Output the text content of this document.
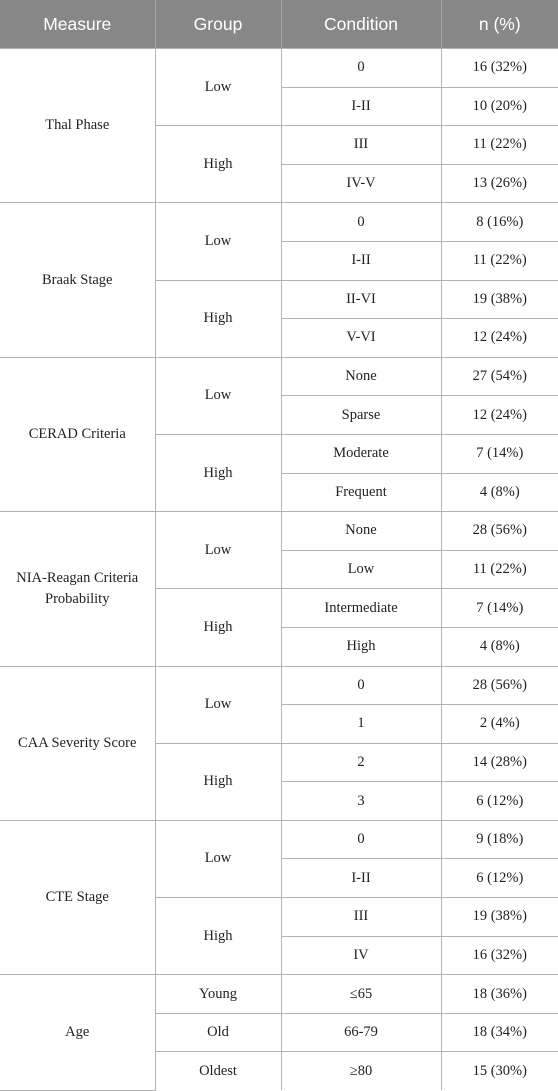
Measure	Group	Condition	n (%)
Thal Phase	Low	0	16 (32%)
		I-II	10 (20%)
	High	III	11 (22%)
		IV-V	13 (26%)
Braak Stage	Low	0	8 (16%)
		I-II	11 (22%)
	High	II-VI	19 (38%)
		V-VI	12 (24%)
CERAD Criteria	Low	None	27 (54%)
		Sparse	12 (24%)
	High	Moderate	7 (14%)
		Frequent	4 (8%)
NIA-Reagan Criteria Probability	Low	None	28 (56%)
		Low	11 (22%)
	High	Intermediate	7 (14%)
		High	4 (8%)
CAA Severity Score	Low	0	28 (56%)
		1	2 (4%)
	High	2	14 (28%)
		3	6 (12%)
CTE Stage	Low	0	9 (18%)
		I-II	6 (12%)
	High	III	19 (38%)
		IV	16 (32%)
Age	Young	≤65	18 (36%)
	Old	66-79	18 (34%)
	Oldest	≥80	15 (30%)
